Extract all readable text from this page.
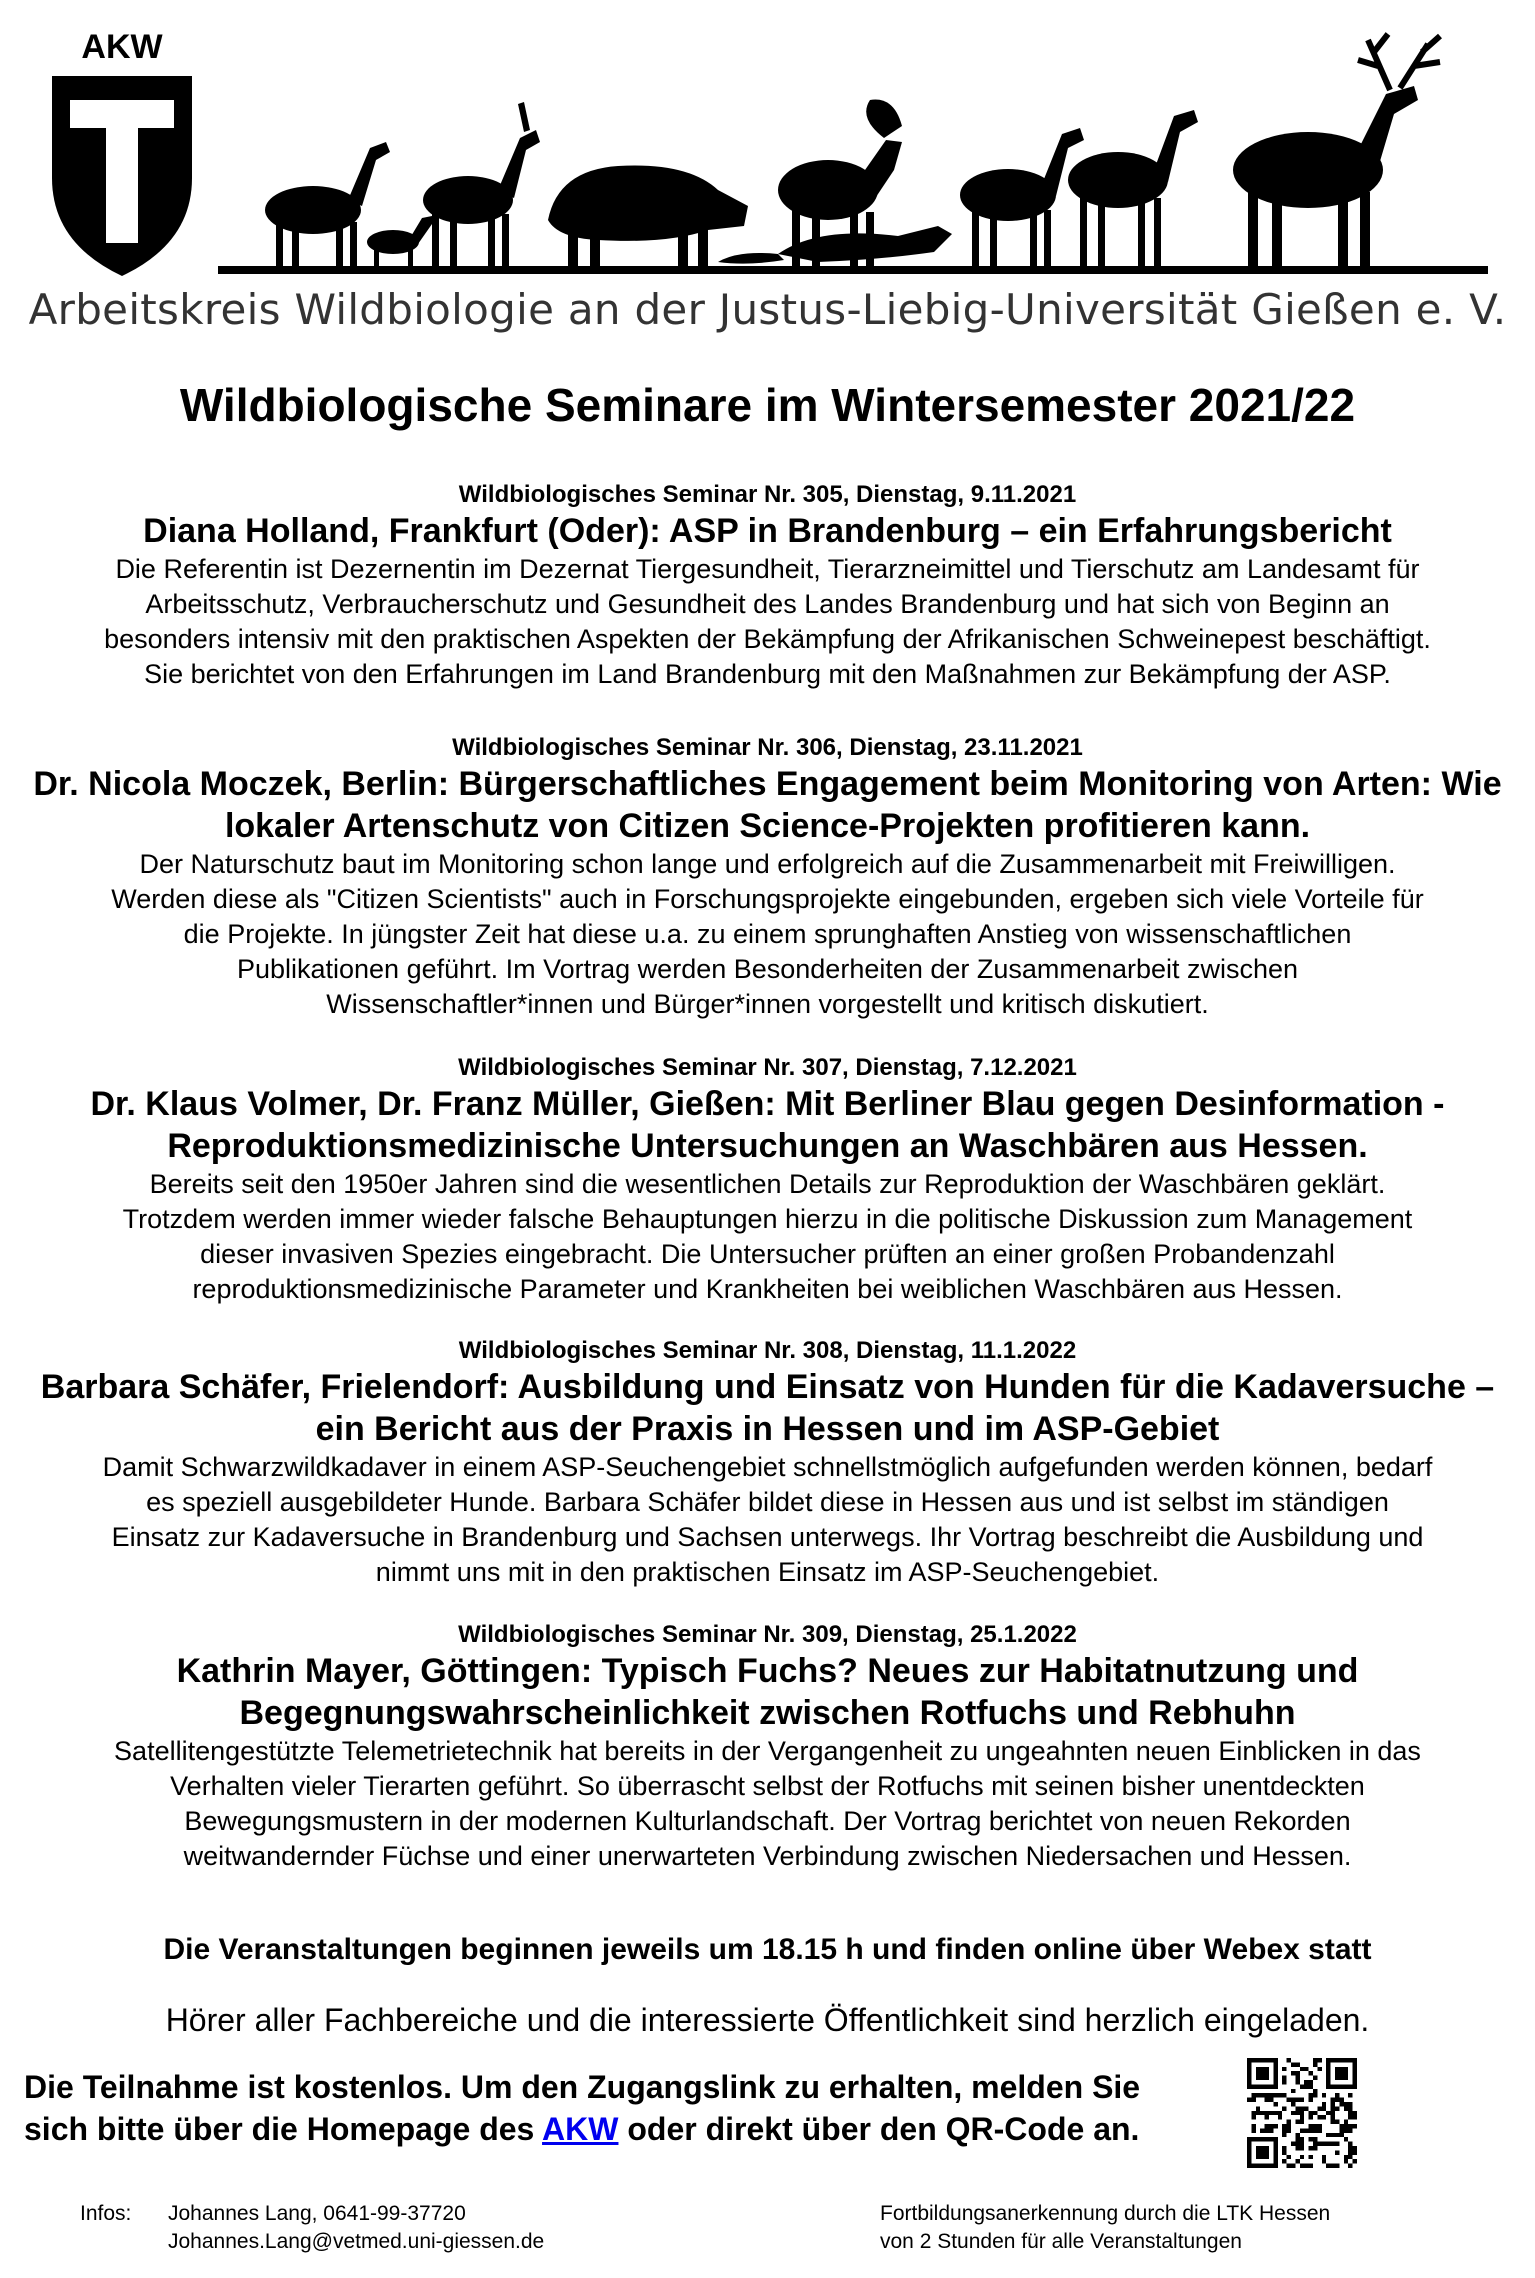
AKW
Arbeitskreis Wildbiologie an der Justus-Liebig-Universität Gießen e. V.
Wildbiologische Seminare im Wintersemester 2021/22
Wildbiologisches Seminar Nr. 305, Dienstag, 9.11.2021
Diana Holland, Frankfurt (Oder): ASP in Brandenburg – ein Erfahrungsbericht
Die Referentin ist Dezernentin im Dezernat Tiergesundheit, Tierarzneimittel und Tierschutz am Landesamt für
Arbeitsschutz, Verbraucherschutz und Gesundheit des Landes Brandenburg und hat sich von Beginn an
besonders intensiv mit den praktischen Aspekten der Bekämpfung der Afrikanischen Schweinepest beschäftigt.
Sie berichtet von den Erfahrungen im Land Brandenburg mit den Maßnahmen zur Bekämpfung der ASP.
Wildbiologisches Seminar Nr. 306, Dienstag, 23.11.2021
Dr. Nicola Moczek, Berlin: Bürgerschaftliches Engagement beim Monitoring von Arten: Wie lokaler Artenschutz von Citizen Science-Projekten profitieren kann.
Der Naturschutz baut im Monitoring schon lange und erfolgreich auf die Zusammenarbeit mit Freiwilligen.
Werden diese als "Citizen Scientists" auch in Forschungsprojekte eingebunden, ergeben sich viele Vorteile für
die Projekte. In jüngster Zeit hat diese u.a. zu einem sprunghaften Anstieg von wissenschaftlichen
Publikationen geführt. Im Vortrag werden Besonderheiten der Zusammenarbeit zwischen
Wissenschaftler*innen und Bürger*innen vorgestellt und kritisch diskutiert.
Wildbiologisches Seminar Nr. 307, Dienstag, 7.12.2021
Dr. Klaus Volmer, Dr. Franz Müller, Gießen: Mit Berliner Blau gegen Desinformation - Reproduktionsmedizinische Untersuchungen an Waschbären aus Hessen.
Bereits seit den 1950er Jahren sind die wesentlichen Details zur Reproduktion der Waschbären geklärt.
Trotzdem werden immer wieder falsche Behauptungen hierzu in die politische Diskussion zum Management
dieser invasiven Spezies eingebracht. Die Untersucher prüften an einer großen Probandenzahl
reproduktionsmedizinische Parameter und Krankheiten bei weiblichen Waschbären aus Hessen.
Wildbiologisches Seminar Nr. 308, Dienstag, 11.1.2022
Barbara Schäfer, Frielendorf: Ausbildung und Einsatz von Hunden für die Kadaversuche – ein Bericht aus der Praxis in Hessen und im ASP-Gebiet
Damit Schwarzwildkadaver in einem ASP-Seuchengebiet schnellstmöglich aufgefunden werden können, bedarf
es speziell ausgebildeter Hunde. Barbara Schäfer bildet diese in Hessen aus und ist selbst im ständigen
Einsatz zur Kadaversuche in Brandenburg und Sachsen unterwegs. Ihr Vortrag beschreibt die Ausbildung und
nimmt uns mit in den praktischen Einsatz im ASP-Seuchengebiet.
Wildbiologisches Seminar Nr. 309, Dienstag, 25.1.2022
Kathrin Mayer, Göttingen: Typisch Fuchs? Neues zur Habitatnutzung und Begegnungswahrscheinlichkeit zwischen Rotfuchs und Rebhuhn
Satellitengestützte Telemetrietechnik hat bereits in der Vergangenheit zu ungeahnten neuen Einblicken in das
Verhalten vieler Tierarten geführt. So überrascht selbst der Rotfuchs mit seinen bisher unentdeckten
Bewegungsmustern in der modernen Kulturlandschaft. Der Vortrag berichtet von neuen Rekorden
weitwandernder Füchse und einer unerwarteten Verbindung zwischen Niedersachen und Hessen.
Die Veranstaltungen beginnen jeweils um 18.15 h und finden online über Webex statt
Hörer aller Fachbereiche und die interessierte Öffentlichkeit sind herzlich eingeladen.
Die Teilnahme ist kostenlos. Um den Zugangslink zu erhalten, melden Sie
sich bitte über die Homepage des AKW oder direkt über den QR-Code an.
Infos: Johannes Lang, 0641-99-37720
Johannes.Lang@vetmed.uni-giessen.de
Fortbildungsanerkennung durch die LTK Hessen
von 2 Stunden für alle Veranstaltungen
